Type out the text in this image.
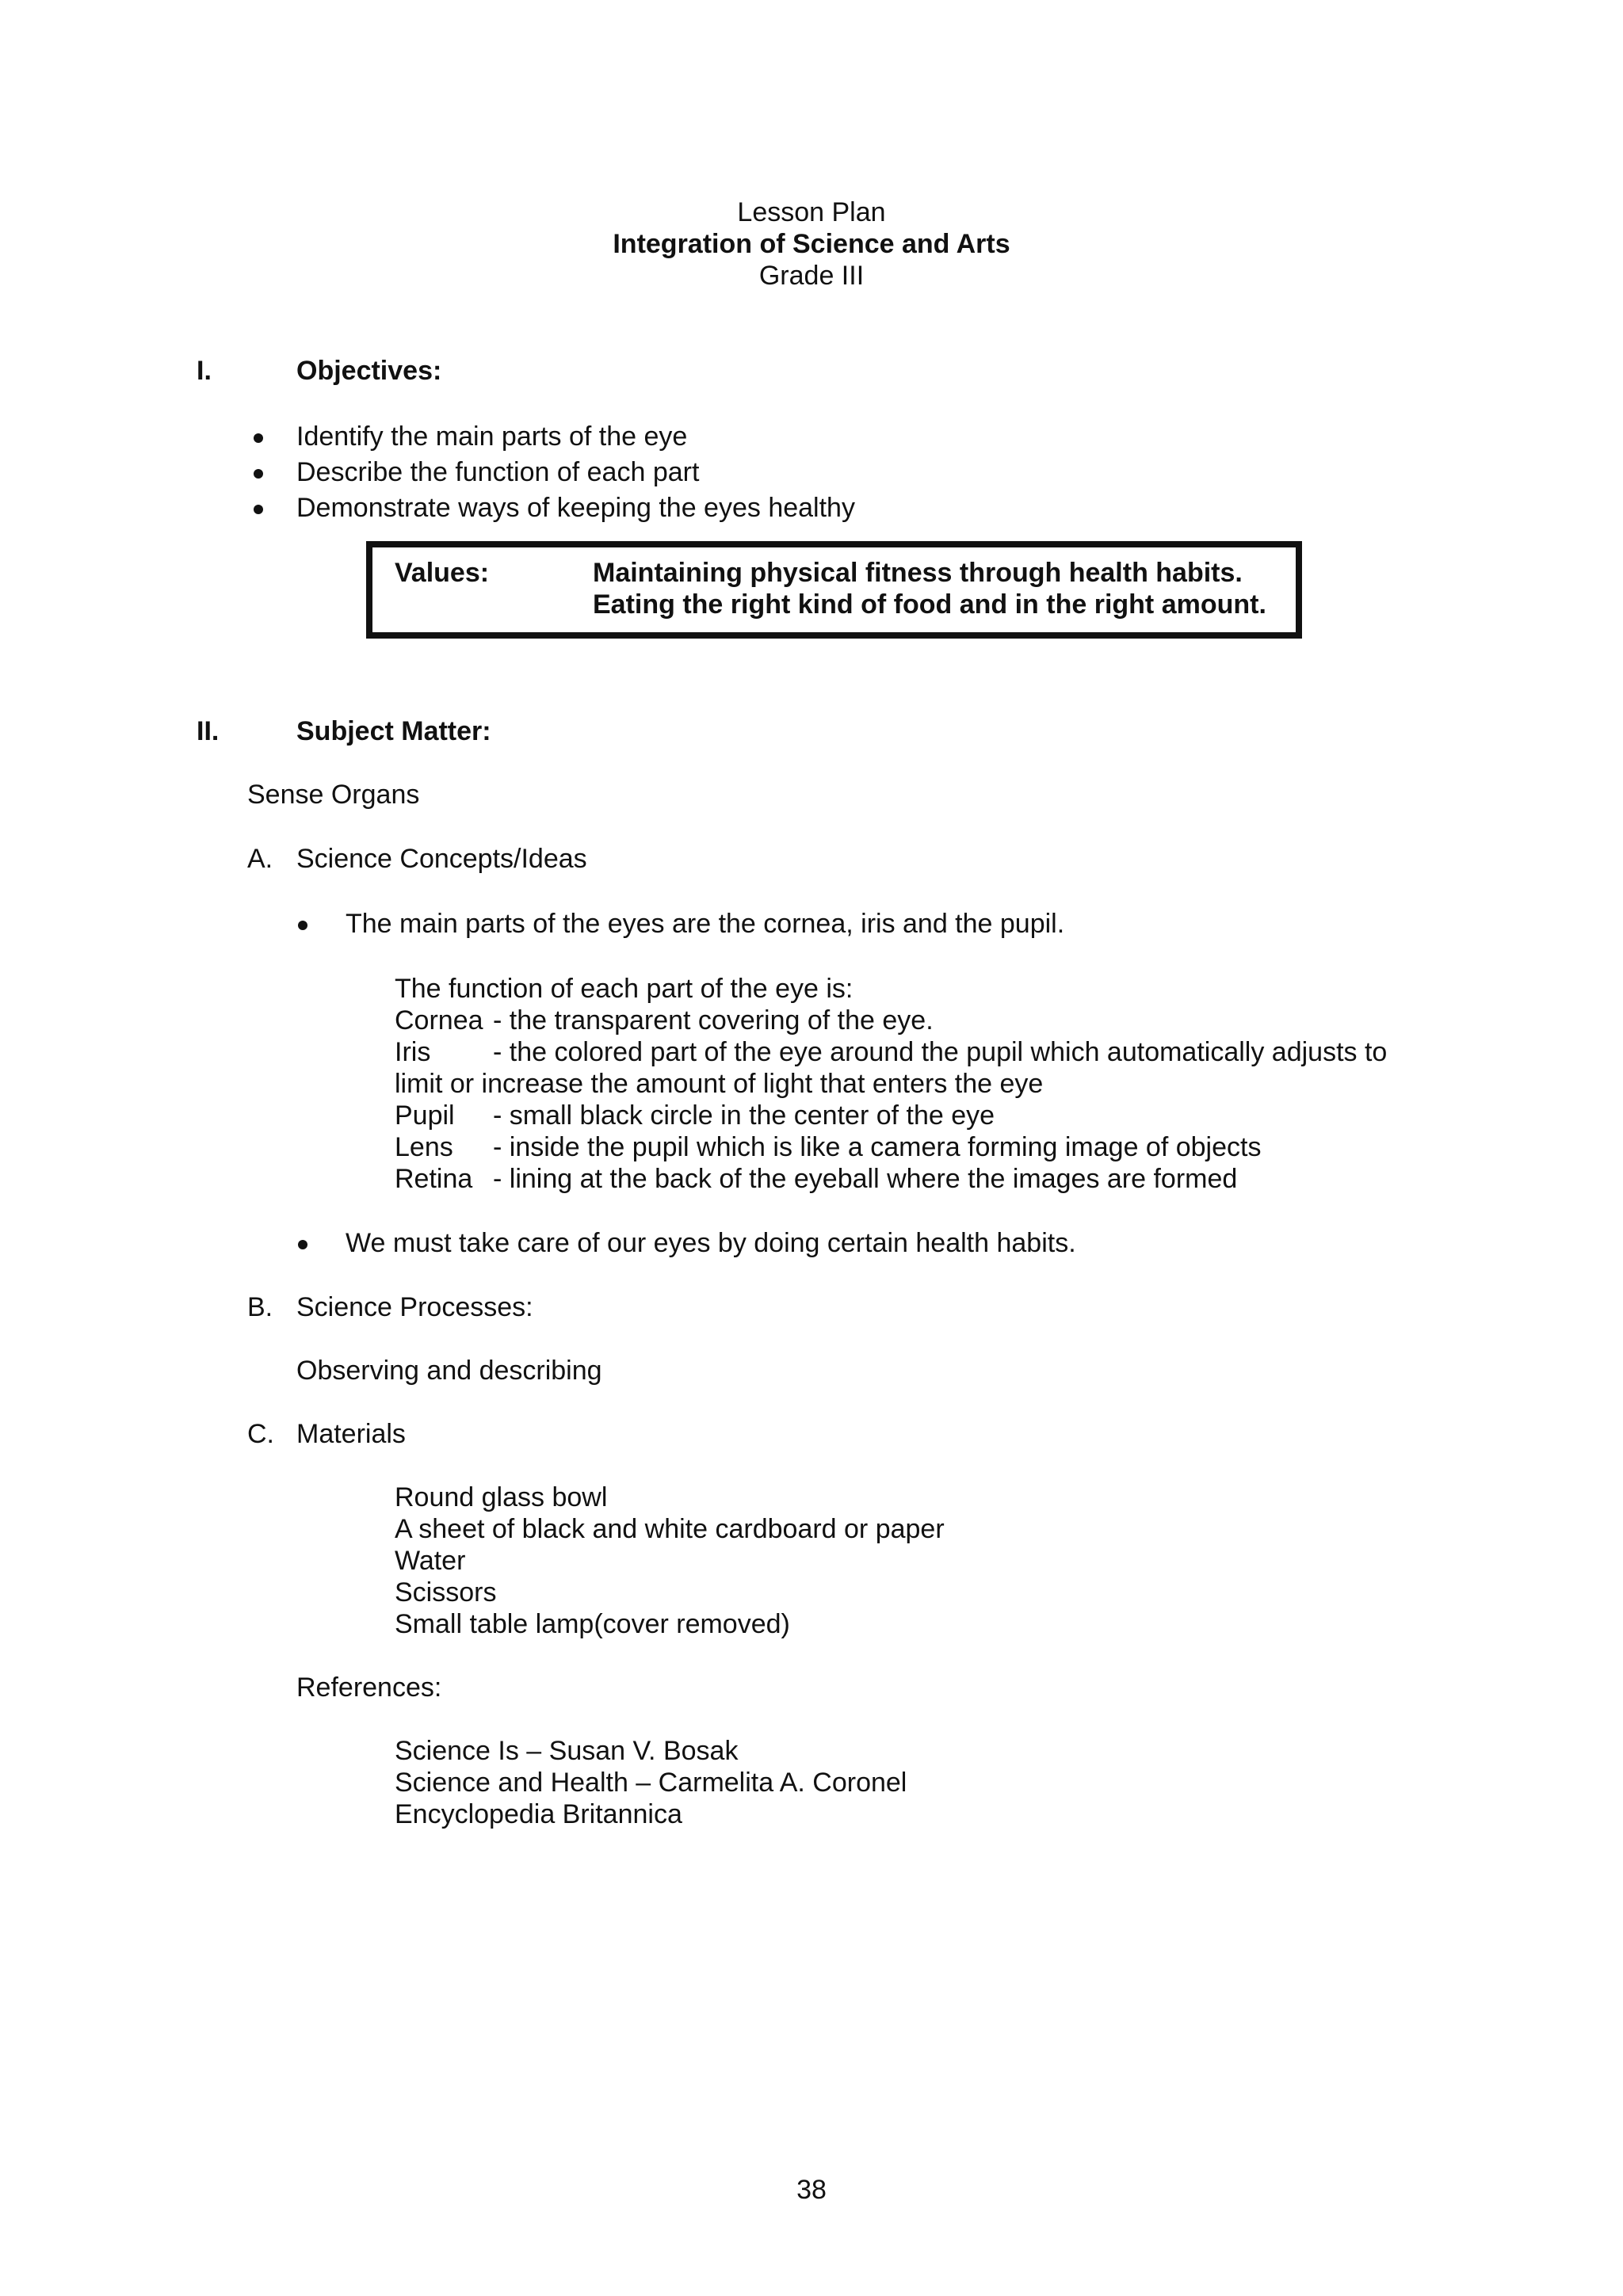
Lesson Plan
Integration of Science and Arts
Grade III
I.	Objectives:
Identify the main parts of the eye
Describe the function of each part
Demonstrate ways of keeping the eyes healthy
Values:	Maintaining physical fitness through health habits.
Eating the right kind of food and in the right amount.
II.	Subject Matter:
Sense Organs
A. Science Concepts/Ideas
The main parts of the eyes are the cornea, iris and the pupil.
The function of each part of the eye is:
Cornea - the transparent covering of the eye.
Iris - the colored part of the eye around the pupil which automatically adjusts to
limit or increase the amount of light that enters the eye
Pupil - small black circle in the center of the eye
Lens - inside the pupil which is like a camera forming image of objects
Retina - lining at the back of the eyeball where the images are formed
We must take care of our eyes by doing certain health habits.
B. Science Processes:
Observing and describing
C. Materials
Round glass bowl
A sheet of black and white cardboard or paper
Water
Scissors
Small table lamp(cover removed)
References:
Science Is – Susan V. Bosak
Science and Health – Carmelita A. Coronel
Encyclopedia Britannica
38
